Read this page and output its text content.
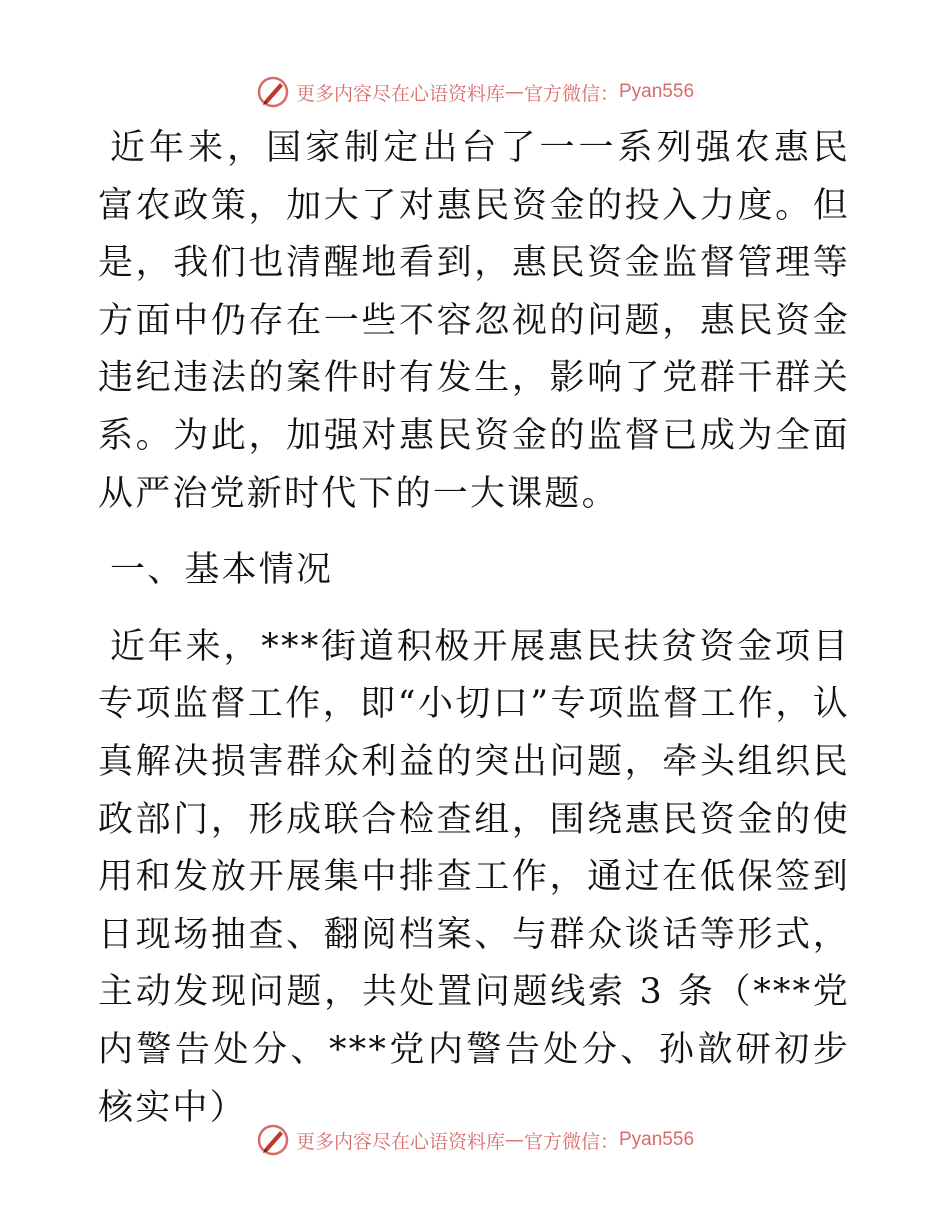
更多内容尽在心语资料库 — 官方微信： Pyan556

近年来，国家制定出台了一一系列强农惠民富农政策，加大了对惠民资金的投入力度。但是，我们也清醒地看到，惠民资金监督管理等方面中仍存在一些不容忽视的问题，惠民资金违纪违法的案件时有发生，影响了党群干群关系。为此，加强对惠民资金的监督已成为全面从严治党新时代下的一大课题。

一、基本情况

近年来，***街道积极开展惠民扶贫资金项目专项监督工作，即“小切口”专项监督工作，认真解决损害群众利益的突出问题，牵头组织民政部门，形成联合检查组，围绕惠民资金的使用和发放开展集中排查工作，通过在低保签到日现场抽查、翻阅档案、与群众谈话等形式，主动发现问题，共处置问题线索 3 条（***党内警告处分、***党内警告处分、孙歆研初步核实中）

更多内容尽在心语资料库 — 官方微信： Pyan556
